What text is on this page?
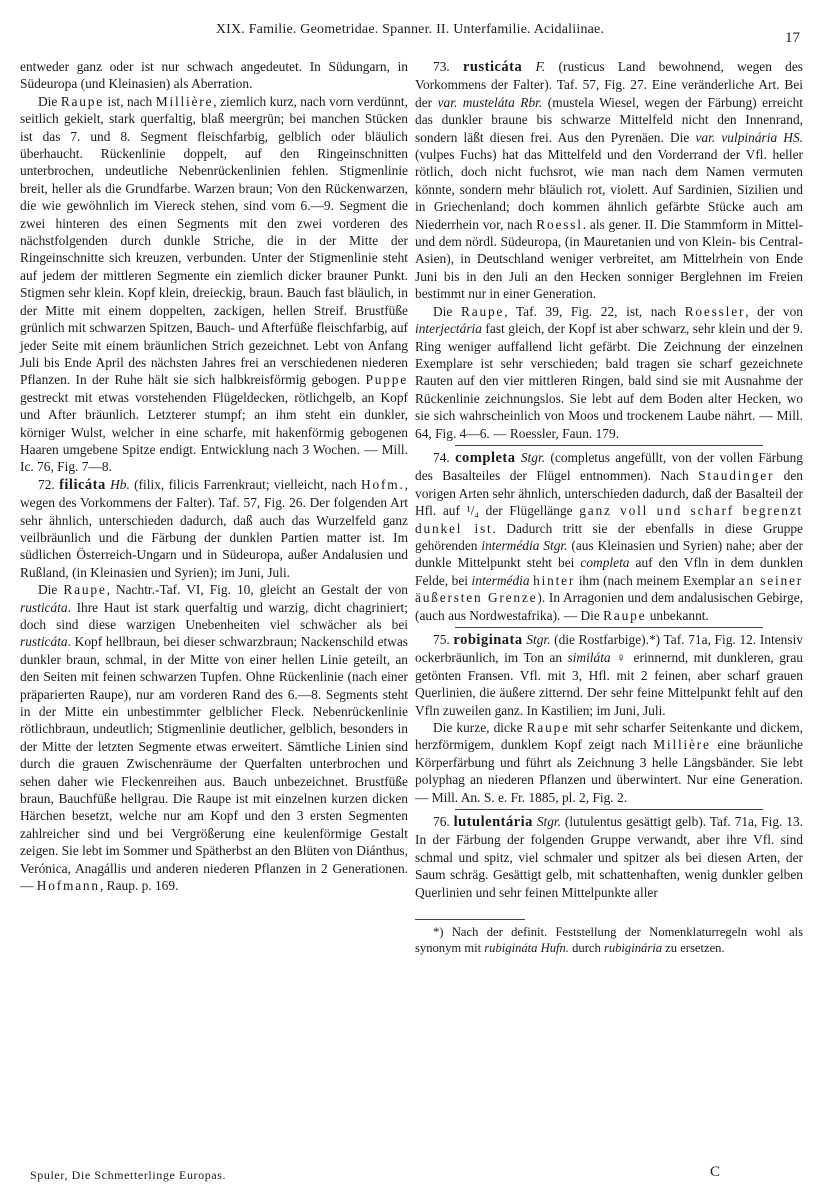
XIX. Familie. Geometridae. Spanner. II. Unterfamilie. Acidaliinae.
17

entweder ganz oder ist nur schwach angedeutet. In Südungarn, in Südeuropa (und Kleinasien) als Aberration.

Die Raupe ist, nach Millière, ziemlich kurz, nach vorn verdünnt, seitlich gekielt, stark querfaltig, blaß meergrün; bei manchen Stücken ist das 7. und 8. Segment fleischfarbig, gelblich oder bläulich überhaucht. Rückenlinie doppelt, auf den Ringeinschnitten unterbrochen, undeutliche Nebenrückenlinien fehlen. Stigmenlinie breit, heller als die Grundfarbe. Warzen braun; Von den Rückenwarzen, die wie gewöhnlich im Viereck stehen, sind vom 6.—9. Segment die zwei hinteren des einen Segments mit den zwei vorderen des nächstfolgenden durch dunkle Striche, die in der Mitte der Ringeinschnitte sich kreuzen, verbunden. Unter der Stigmenlinie steht auf jedem der mittleren Segmente ein ziemlich dicker brauner Punkt. Stigmen sehr klein. Kopf klein, dreieckig, braun. Bauch fast bläulich, in der Mitte mit einem doppelten, zackigen, hellen Streif. Brustfüße grünlich mit schwarzen Spitzen, Bauch- und Afterfüße fleischfarbig, auf jeder Seite mit einem bräunlichen Strich gezeichnet. Lebt von Anfang Juli bis Ende April des nächsten Jahres frei an verschiedenen niederen Pflanzen. In der Ruhe hält sie sich halbkreisförmig gebogen. Puppe gestreckt mit etwas vorstehenden Flügeldecken, rötlichgelb, an Kopf und After bräunlich. Letzterer stumpf; an ihm steht ein dunkler, körniger Wulst, welcher in eine scharfe, mit hakenförmig gebogenen Haaren umgebene Spitze endigt. Entwicklung nach 3 Wochen. — Mill. Ic. 76, Fig. 7—8.

72. filicáta Hb. (filix, filicis Farrenkraut; vielleicht, nach Hofm., wegen des Vorkommens der Falter). Taf. 57, Fig. 26. Der folgenden Art sehr ähnlich, unterschieden dadurch, daß auch das Wurzelfeld ganz veilbräunlich und die Färbung der dunklen Partien matter ist. Im südlichen Österreich-Ungarn und in Südeuropa, außer Andalusien und Rußland, (in Kleinasien und Syrien); im Juni, Juli.

Die Raupe, Nachtr.-Taf. VI, Fig. 10, gleicht an Gestalt der von rusticáta. Ihre Haut ist stark querfaltig und warzig, dicht chagriniert; doch sind diese warzigen Unebenheiten viel schwächer als bei rusticáta. Kopf hellbraun, bei dieser schwarzbraun; Nackenschild etwas dunkler braun, schmal, in der Mitte von einer hellen Linie geteilt, an den Seiten mit feinen schwarzen Tupfen. Ohne Rückenlinie (nach einer präparierten Raupe), nur am vorderen Rand des 6.—8. Segments steht in der Mitte ein unbestimmter gelblicher Fleck. Nebenrückenlinie rötlichbraun, undeutlich; Stigmenlinie deutlicher, gelblich, besonders in der Mitte der letzten Segmente etwas erweitert. Sämtliche Linien sind durch die grauen Zwischenräume der Querfalten unterbrochen und sehen daher wie Fleckenreihen aus. Bauch unbezeichnet. Brustfüße braun, Bauchfüße hellgrau. Die Raupe ist mit einzelnen kurzen dicken Härchen besetzt, welche nur am Kopf und den 3 ersten Segmenten zahlreicher sind und bei Vergrößerung eine keulenförmige Gestalt zeigen. Sie lebt im Sommer und Spätherbst an den Blüten von Diánthus, Verónica, Anagállis und anderen niederen Pflanzen in 2 Generationen. — Hofmann, Raup. p. 169.

73. rusticáta F. (rusticus Land bewohnend, wegen des Vorkommens der Falter). Taf. 57, Fig. 27. Eine veränderliche Art. Bei der var. musteláta Rbr. (mustela Wiesel, wegen der Färbung) erreicht das dunkler braune bis schwarze Mittelfeld nicht den Innenrand, sondern läßt diesen frei. Aus den Pyrenäen. Die var. vulpinária HS. (vulpes Fuchs) hat das Mittelfeld und den Vorderrand der Vfl. heller rötlich, doch nicht fuchsrot, wie man nach dem Namen vermuten könnte, sondern mehr bläulich rot, violett. Auf Sardinien, Sizilien und in Griechenland; doch kommen ähnlich gefärbte Stücke auch am Niederrhein vor, nach Roessl. als gener. II. Die Stammform in Mittel- und dem nördl. Südeuropa, (in Mauretanien und von Klein- bis Central-Asien), in Deutschland weniger verbreitet, am Mittelrhein von Ende Juni bis in den Juli an den Hecken sonniger Berglehnen im Freien bestimmt nur in einer Generation.

Die Raupe, Taf. 39, Fig. 22, ist, nach Roessler, der von interjectária fast gleich, der Kopf ist aber schwarz, sehr klein und der 9. Ring weniger auffallend licht gefärbt. Die Zeichnung der einzelnen Exemplare ist sehr verschieden; bald tragen sie scharf gezeichnete Rauten auf den vier mittleren Ringen, bald sind sie mit Ausnahme der Rückenlinie zeichnungslos. Sie lebt auf dem Boden alter Hecken, wo sie sich wahrscheinlich von Moos und trockenem Laube nährt. — Mill. 64, Fig. 4—6. — Roessler, Faun. 179.

74. completa Stgr. (completus angefüllt, von der vollen Färbung des Basalteiles der Flügel entnommen). Nach Staudinger den vorigen Arten sehr ähnlich, unterschieden dadurch, daß der Basalteil der Hfl. auf ¹/₄ der Flügellänge ganz voll und scharf begrenzt dunkel ist. Dadurch tritt sie der ebenfalls in diese Gruppe gehörenden intermédia Stgr. (aus Kleinasien und Syrien) nahe; aber der dunkle Mittelpunkt steht bei completa auf den Vfln in dem dunklen Felde, bei intermédia hinter ihm (nach meinem Exemplar an seiner äußersten Grenze). In Arragonien und dem andalusischen Gebirge, (auch aus Nordwestafrika). — Die Raupe unbekannt.

75. robiginata Stgr. (die Rostfarbige).*) Taf. 71a, Fig. 12. Intensiv ockerbräunlich, im Ton an similáta ♀ erinnernd, mit dunkleren, grau getönten Fransen. Vfl. mit 3, Hfl. mit 2 feinen, aber scharf grauen Querlinien, die äußere zitternd. Der sehr feine Mittelpunkt fehlt auf den Vfln zuweilen ganz. In Kastilien; im Juni, Juli.

Die kurze, dicke Raupe mit sehr scharfer Seitenkante und dickem, herzförmigem, dunklem Kopf zeigt nach Millière eine bräunliche Körperfärbung und führt als Zeichnung 3 helle Längsbänder. Sie lebt polyphag an niederen Pflanzen und überwintert. Nur eine Generation. — Mill. An. S. e. Fr. 1885, pl. 2, Fig. 2.

76. lutulentária Stgr. (lutulentus gesättigt gelb). Taf. 71a, Fig. 13. In der Färbung der folgenden Gruppe verwandt, aber ihre Vfl. sind schmal und spitz, viel schmaler und spitzer als bei diesen Arten, der Saum schräg. Gesättigt gelb, mit schattenhaften, wenig dunkler gelben Querlinien und sehr feinen Mittelpunkte aller

*) Nach der definit. Feststellung der Nomenklaturregeln wohl als synonym mit rubigináta Hufn. durch rubiginária zu ersetzen.

Spuler, Die Schmetterlinge Europas.	C
